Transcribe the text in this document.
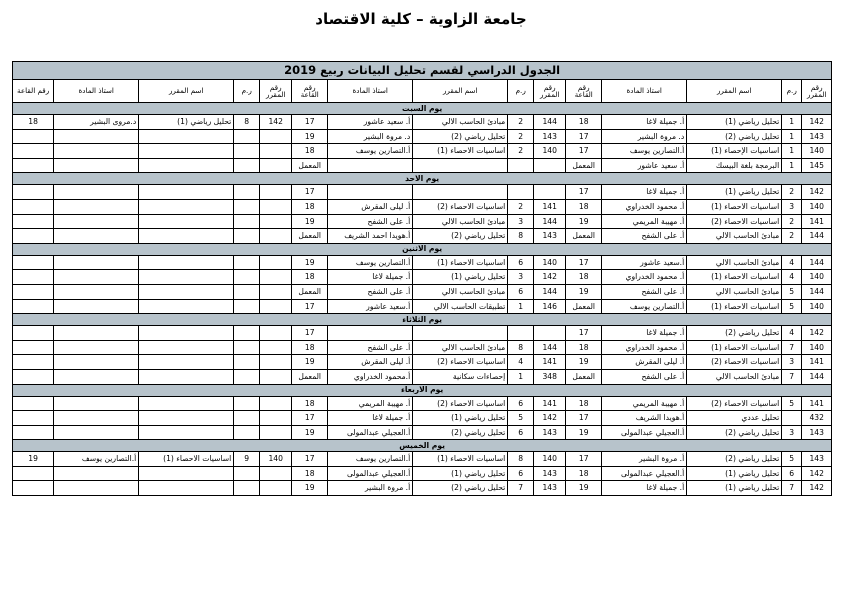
جامعة الزاوية – كلية الاقتصاد
الجدول الدراسي لقسم تحليل البيانات ربيع 2019														
رقم المقرر	ر.م	اسم المقرر	استاذ المادة	رقم القاعة	رقم المقرر	ر.م	اسم المقرر	استاذ المادة	رقم القاعة	رقم المقرر	ر.م	اسم المقرر	استاذ المادة	رقم القاعة
يوم السبت														
142	1	تحليل رياضي (1)	أ. جميلة لاغا	18	144	2	مبادئ الحاسب الالي	أ. سعيد عاشور	17	142	8	تحليل رياضي (1)	د.مروى البشير	18
143	1	تحليل رياضي (2)	د. مروة البشير	17	143	2	تحليل رياضي (2)	د. مروة البشير	19					
140	1	اساسيات الإحصاء (1)	أ.التصارين يوسف	17	140	2	اساسيات الاحصاء (1)	أ.التصارين يوسف	18					
145	1	البرمجة بلغة البيسك	أ. سعيد عاشور	المعمل					المعمل					
يوم الاحد														
142	2	تحليل رياضي (1)	أ. جميلة لاغا	17					17					
140	3	اساسيات الاحصاء (1)	أ. محمود الخدراوي	18	141	2	اساسيات الاحصاء (2)	أ. ليلى المقرش	18					
141	2	اساسيات الاحصاء (2)	أ. مهيبة المريمي	19	144	3	مبادئ الحاسب الالي	أ. على الشفح	19					
144	2	مبادئ الحاسب الالي	أ. على الشفح	المعمل	143	8	تحليل رياضي (2)	أ.هويدا احمد الشريف	المعمل					
يوم الاثنين														
144	4	مبادئ الحاسب الالي	أ.سعيد عاشور	17	140	6	اساسيات الاحصاء (1)	أ.التصارين يوسف	19					
140	4	اساسيات الاحصاء (1)	أ. محمود الخدراوي	18	142	3	تحليل رياضي (1)	أ. جميلة لاغا	18					
144	5	مبادئ الحاسب الالي	أ. على الشفح	19	144	6	مبادئ الحاسب الالي	أ. على الشفح	المعمل					
140	5	اساسيات الاحصاء (1)	أ.التصارين يوسف	المعمل	146	1	تطبيقات الحاسب الالي	أ.سعيد عاشور	17					
يوم الثلاثاء														
142	4	تحليل رياضي (2)	أ. جميلة لاغا	17					17					
140	7	اساسيات الاحصاء (1)	أ. محمود الخدراوي	18	144	8	مبادئ الحاسب الالي	أ. على الشفح	18					
141	3	اساسيات الاحصاء (2)	أ. ليلى المقرش	19	141	4	اساسيات الاحصاء (2)	أ. ليلى المقرش	19					
144	7	مبادئ الحاسب الالي	أ. على الشفح	المعمل	348	1	إحصاءات سكانية	أ.محمود الخدراوي	المعمل					
يوم الاربعاء														
141	5	اساسيات الاحصاء (2)	أ. مهيبة المريمي	18	141	6	اساسيات الاحصاء (2)	أ. مهيبة المريمي	18					
432		تحليل عددي	أ.هويدا الشريف	17	142	5	تحليل رياضي (1)	أ. جميلة لاغا	17					
143	3	تحليل رياضي (2)	أ.العجيلي عبدالمولى	19	143	6	تحليل رياضي (2)	أ.العجيلي عبدالمولى	19					
يوم الخميس														
143	5	تحليل رياضي (2)	أ. مروة البشير	17	140	8	اساسيات الاحصاء (1)	أ.التصارين يوسف	17	140	9	اساسيات الاحصاء (1)	أ.التصارين يوسف	19
142	6	تحليل رياضي (1)	أ.العجيلي عبدالمولى	18	143	6	تحليل رياضي (1)	أ.العجيلي عبدالمولى	18					
142	7	تحليل رياضي (1)	أ. جميلة لاغا	19	143	7	تحليل رياضي (2)	أ. مروة البشير	19					
